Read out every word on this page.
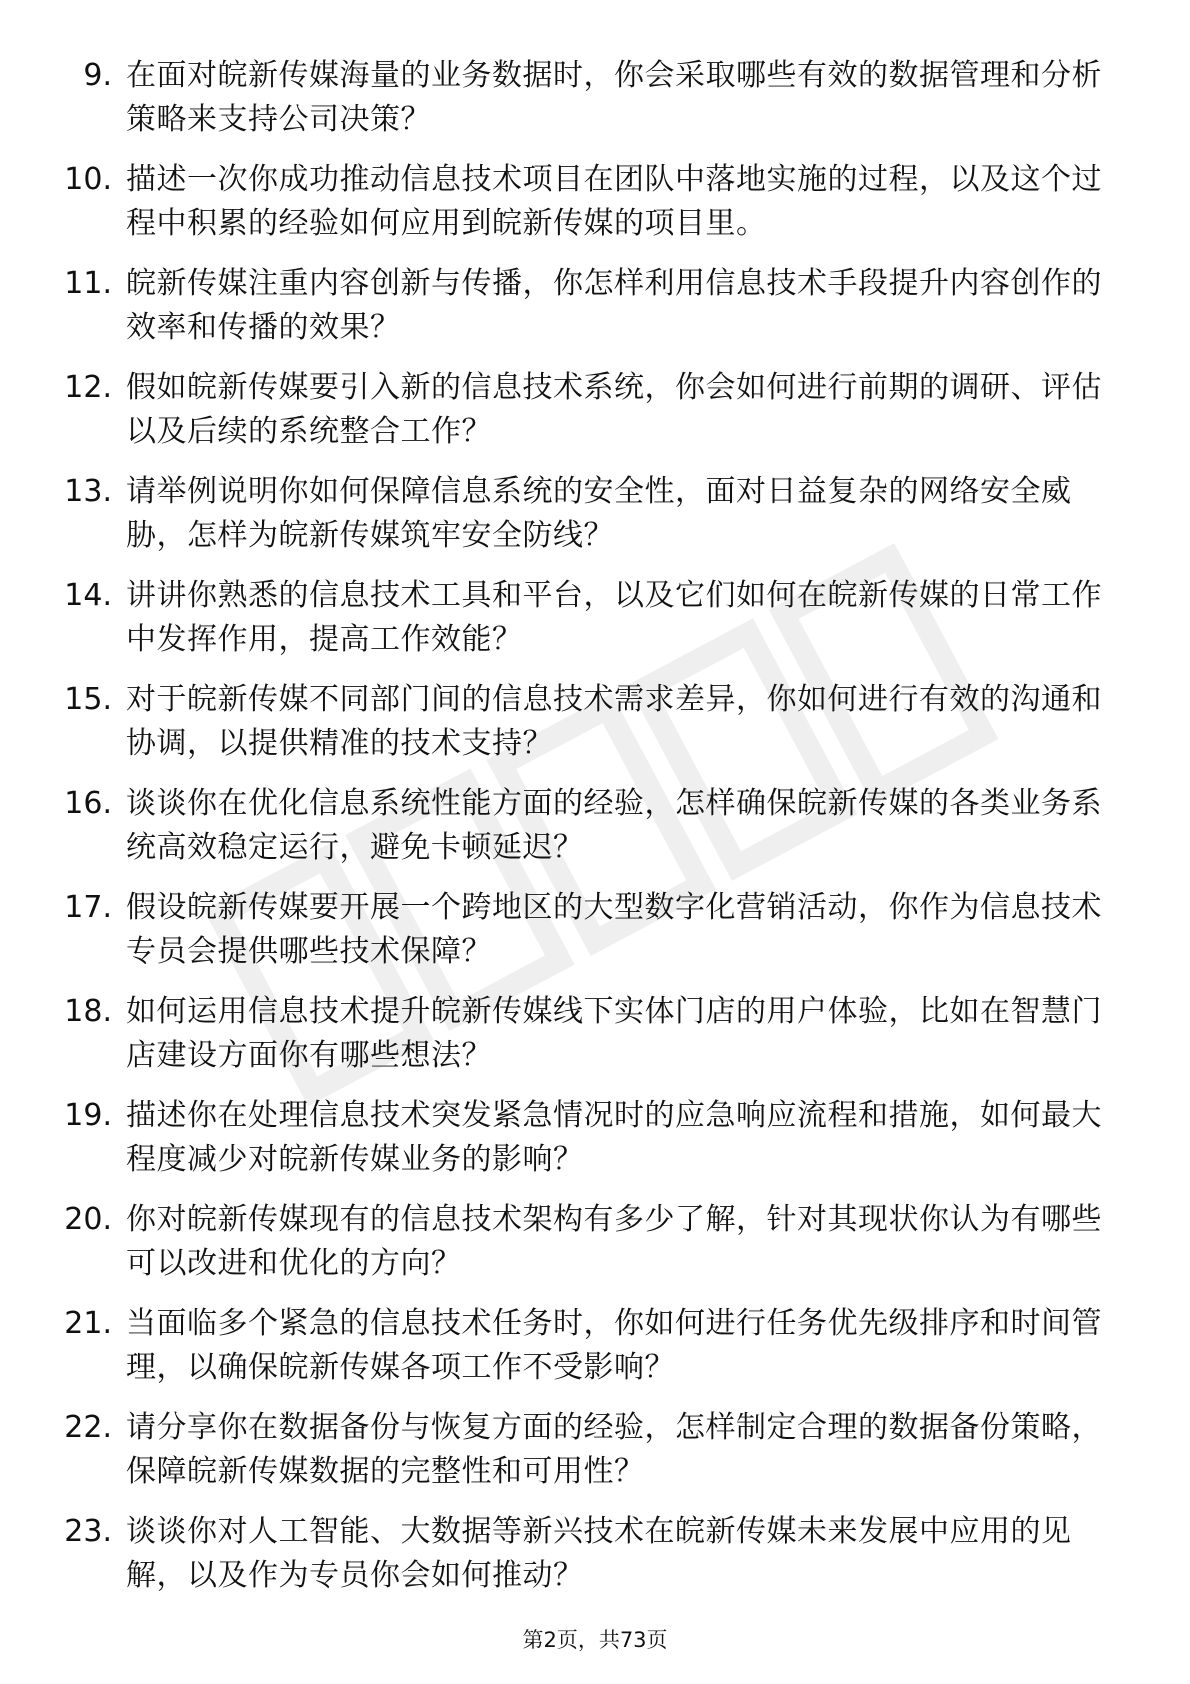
9. 在面对皖新传媒海量的业务数据时，你会采取哪些有效的数据管理和分析策略来支持公司决策？
10. 描述一次你成功推动信息技术项目在团队中落地实施的过程，以及这个过程中积累的经验如何应用到皖新传媒的项目里。
11. 皖新传媒注重内容创新与传播，你怎样利用信息技术手段提升内容创作的效率和传播的效果？
12. 假如皖新传媒要引入新的信息技术系统，你会如何进行前期的调研、评估以及后续的系统整合工作？
13. 请举例说明你如何保障信息系统的安全性，面对日益复杂的网络安全威胁，怎样为皖新传媒筑牢安全防线？
14. 讲讲你熟悉的信息技术工具和平台，以及它们如何在皖新传媒的日常工作中发挥作用，提高工作效能？
15. 对于皖新传媒不同部门间的信息技术需求差异，你如何进行有效的沟通和协调，以提供精准的技术支持？
16. 谈谈你在优化信息系统性能方面的经验，怎样确保皖新传媒的各类业务系统高效稳定运行，避免卡顿延迟？
17. 假设皖新传媒要开展一个跨地区的大型数字化营销活动，你作为信息技术专员会提供哪些技术保障？
18. 如何运用信息技术提升皖新传媒线下实体门店的用户体验，比如在智慧门店建设方面你有哪些想法？
19. 描述你在处理信息技术突发紧急情况时的应急响应流程和措施，如何最大程度减少对皖新传媒业务的影响？
20. 你对皖新传媒现有的信息技术架构有多少了解，针对其现状你认为有哪些可以改进和优化的方向？
21. 当面临多个紧急的信息技术任务时，你如何进行任务优先级排序和时间管理，以确保皖新传媒各项工作不受影响？
22. 请分享你在数据备份与恢复方面的经验，怎样制定合理的数据备份策略，保障皖新传媒数据的完整性和可用性？
23. 谈谈你对人工智能、大数据等新兴技术在皖新传媒未来发展中应用的见解，以及作为专员你会如何推动？
第2页，共73页
